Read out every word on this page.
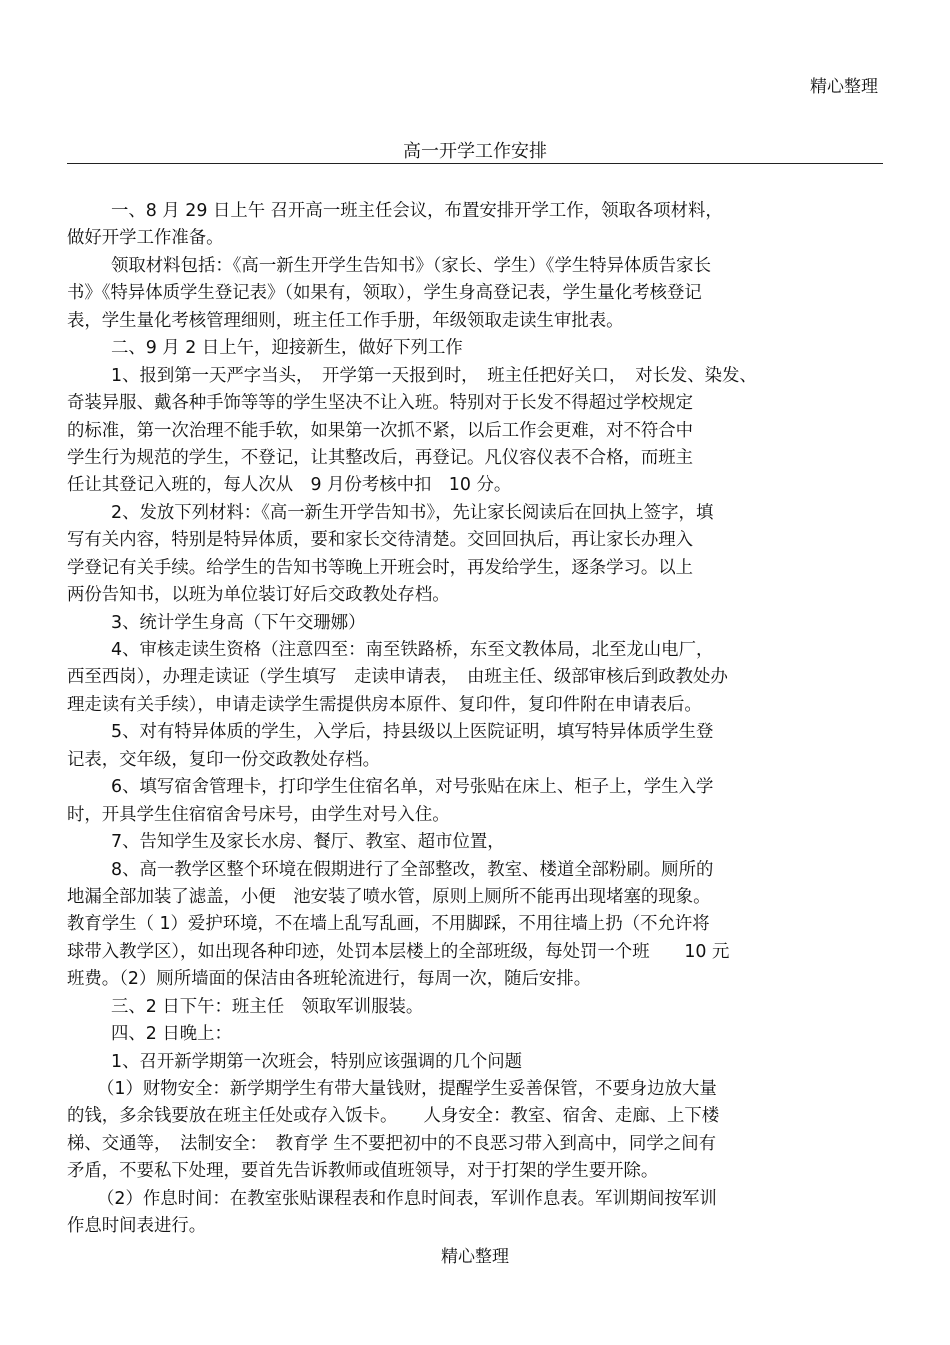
精心整理
高一开学工作安排
一、8 月 29 日上午 召开高一班主任会议，布置安排开学工作，领取各项材料，
做好开学工作准备。
领取材料包括：《高一新生开学生告知书》（家长、学生）《学生特异体质告家长
书》《特异体质学生登记表》（如果有，领取），学生身高登记表，学生量化考核登记
表，学生量化考核管理细则，班主任工作手册，年级领取走读生审批表。
二、9 月 2 日上午，迎接新生，做好下列工作
1、报到第一天严字当头，　开学第一天报到时，　班主任把好关口，　对长发、染发、
奇装异服、戴各种手饰等等的学生坚决不让入班。特别对于长发不得超过学校规定
的标准，第一次治理不能手软，如果第一次抓不紧，以后工作会更难，对不符合中
学生行为规范的学生，不登记，让其整改后，再登记。凡仪容仪表不合格，而班主
任让其登记入班的，每人次从　9 月份考核中扣　10 分。
2、发放下列材料：《高一新生开学告知书》，先让家长阅读后在回执上签字，填
写有关内容，特别是特异体质，要和家长交待清楚。交回回执后，再让家长办理入
学登记有关手续。给学生的告知书等晚上开班会时，再发给学生，逐条学习。以上
两份告知书，以班为单位装订好后交政教处存档。
3、统计学生身高（下午交珊娜）
4、审核走读生资格（注意四至：南至铁路桥，东至文教体局，北至龙山电厂，
西至西岗），办理走读证（学生填写　走读申请表，　由班主任、级部审核后到政教处办
理走读有关手续），申请走读学生需提供房本原件、复印件，复印件附在申请表后。
5、对有特异体质的学生，入学后，持县级以上医院证明，填写特异体质学生登
记表，交年级，复印一份交政教处存档。
6、填写宿舍管理卡，打印学生住宿名单，对号张贴在床上、柜子上，学生入学
时，开具学生住宿宿舍号床号，由学生对号入住。
7、告知学生及家长水房、餐厅、教室、超市位置，
8、高一教学区整个环境在假期进行了全部整改，教室、楼道全部粉刷。厕所的
地漏全部加装了滤盖，小便　池安装了喷水管，原则上厕所不能再出现堵塞的现象。
教育学生（ 1）爱护环境，不在墙上乱写乱画，不用脚踩，不用往墙上扔（不允许将
球带入教学区），如出现各种印迹，处罚本层楼上的全部班级，每处罚一个班　　10 元
班费。（2）厕所墙面的保洁由各班轮流进行，每周一次，随后安排。
三、2 日下午：班主任　领取军训服装。
四、2 日晚上：
1、召开新学期第一次班会，特别应该强调的几个问题
（1）财物安全：新学期学生有带大量钱财，提醒学生妥善保管，不要身边放大量
的钱，多余钱要放在班主任处或存入饭卡。　　人身安全：教室、宿舍、走廊、上下楼
梯、交通等，　法制安全：　教育学 生不要把初中的不良恶习带入到高中，同学之间有
矛盾，不要私下处理，要首先告诉教师或值班领导，对于打架的学生要开除。
（2）作息时间：在教室张贴课程表和作息时间表，军训作息表。军训期间按军训
作息时间表进行。
精心整理
